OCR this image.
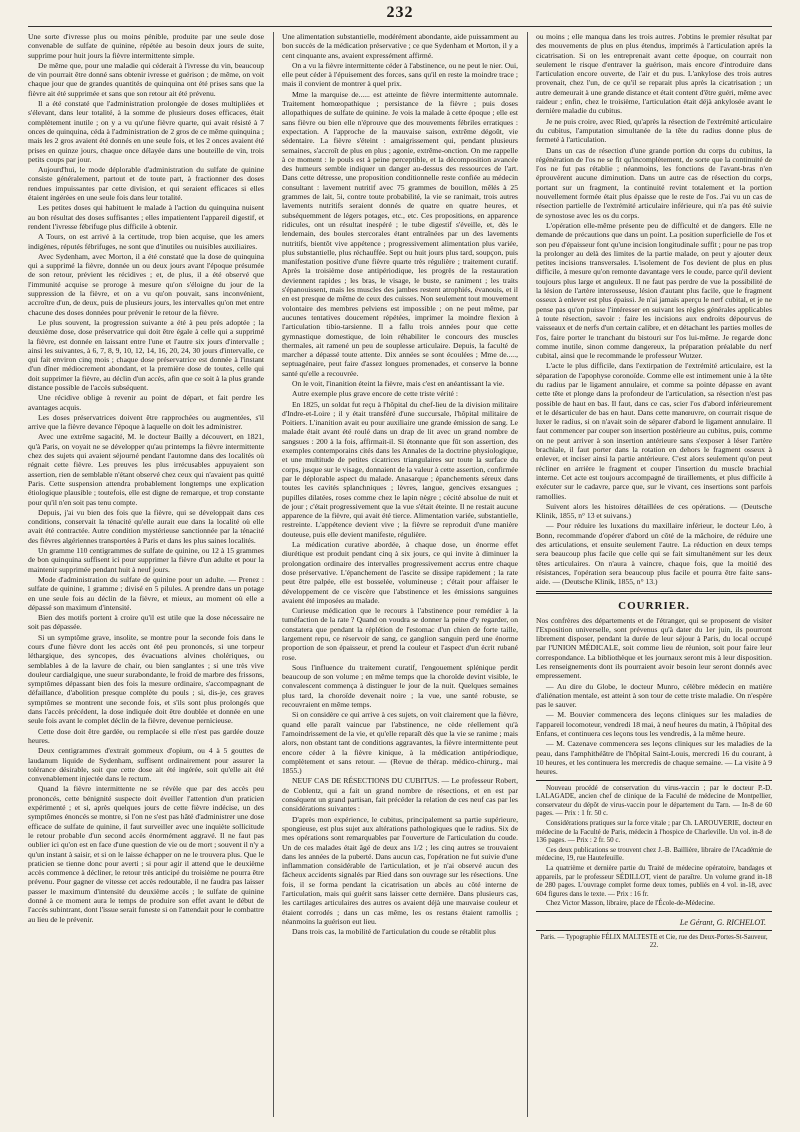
232

Une sorte d'ivresse plus ou moins pénible, produite par une seule dose convenable de sulfate de quinine, répétée au besoin deux jours de suite, supprime pour huit jours la fièvre intermittente simple.

De même que, pour une maladie qui céderait à l'ivresse du vin, beaucoup de vin pourrait être donné sans obtenir ivresse et guérison ; de même, on voit chaque jour que de grandes quantités de quinquina ont été prises sans que la fièvre ait été supprimée et sans que son retour ait été prévenu.

Il a été constaté que l'administration prolongée de doses multipliées et s'élevant, dans leur totalité, à la somme de plusieurs doses efficaces, était complètement inutile ; on y a vu qu'une fièvre quarte, qui avait résisté à 7 onces de quinquina, céda à l'administration de 2 gros de ce même quinquina ; mais les 2 gros avaient été donnés en une seule fois, et les 2 onces avaient été prises en quinze jours, chaque once délayée dans une bouteille de vin, trois petits coups par jour.

Aujourd'hui, le mode déplorable d'administration du sulfate de quinine consiste généralement, partout et de toute part, à fractionner des doses rendues impuissantes par cette division, et qui seraient efficaces si elles étaient ingérées en une seule fois dans leur totalité.

Les petites doses qui habituent le malade à l'action du quinquina nuisent au bon résultat des doses suffisantes ; elles impatientent l'appareil digestif, et rendent l'ivresse fébrifuge plus difficile à obtenir.

A Tours, on est arrivé à la certitude, trop bien acquise, que les amers indigènes, réputés fébrifuges, ne sont que d'inutiles ou nuisibles auxiliaires.

Avec Sydenham, avec Morton, il a été constaté que la dose de quinquina qui a supprimé la fièvre, donnée un ou deux jours avant l'époque présumée de son retour, prévient les récidives ; et, de plus, il a été observé que l'immunité acquise se proroge à mesure qu'on s'éloigne du jour de la suppression de la fièvre, et on a vu qu'on pouvait, sans inconvénient, accroître d'un, de deux, puis de plusieurs jours, les intervalles qu'on met entre chacune des doses données pour prévenir le retour de la fièvre.

Le plus souvent, la progression suivante a été à peu près adoptée ; la deuxième dose, dose préservatrice qui doit être égale à celle qui a supprimé la fièvre, est donnée en laissant entre l'une et l'autre six jours d'intervalle ; ainsi les suivantes, à 6, 7, 8, 9, 10, 12, 14, 16, 20, 24, 30 jours d'intervalle, ce qui fait environ cinq mois ; chaque dose préservatrice est donnée à l'instant d'un dîner médiocrement abondant, et la première dose de toutes, celle qui doit supprimer la fièvre, au déclin d'un accès, afin que ce soit à la plus grande distance possible de l'accès subséquent.

Une récidive oblige à revenir au point de départ, et fait perdre les avantages acquis.

Les doses préservatrices doivent être rapprochées ou augmentées, s'il arrive que la fièvre devance l'époque à laquelle on doit les administrer.

Avec une extrême sagacité, M. le docteur Bailly a découvert, en 1821, qu'à Paris, on voyait ne se développer qu'au printemps la fièvre intermittente chez des sujets qui avaient séjourné pendant l'automne dans des localités où régnait cette fièvre. Les preuves les plus irrécusables appuyaient son assertion, rien de semblable n'étant observé chez ceux qui n'avaient pas quitté Paris. Cette suspension attendra probablement longtemps une explication étiologique plausible ; toutefois, elle est digne de remarque, et trop constante pour qu'il n'en soit pas tenu compte.

Depuis, j'ai vu bien des fois que la fièvre, qui se développait dans ces conditions, conservait la ténacité qu'elle aurait eue dans la localité où elle avait été contractée. Autre condition mystérieuse sanctionnée par la ténacité des fièvres algériennes transportées à Paris et dans les plus saines localités.

Un gramme 110 centigrammes de sulfate de quinine, ou 12 à 15 grammes de bon quinquina suffisent ici pour supprimer la fièvre d'un adulte et pour la maintenir supprimée pendant huit à neuf jours.

Mode d'administration du sulfate de quinine pour un adulte. — Prenez : sulfate de quinine, 1 gramme ; divisé en 5 pilules. A prendre dans un potage en une seule fois au déclin de la fièvre, et mieux, au moment où elle a dépassé son maximum d'intensité.

Bien des motifs portent à croire qu'il est utile que la dose nécessaire ne soit pas dépassée.

Si un symptôme grave, insolite, se montre pour la seconde fois dans le cours d'une fièvre dont les accès ont été peu prononcés, si une torpeur léthargique, des syncopes, des évacuations alvines cholériques, ou semblables à de la lavure de chair, ou bien sanglantes ; si une très vive douleur cardialgique, une sueur surabondante, le froid de marbre des frissons, symptômes dépassant bien des fois la mesure ordinaire, s'accompagnant de défaillance, d'abolition presque complète du pouls ; si, dis-je, ces graves symptômes se montrent une seconde fois, et s'ils sont plus prolongés que dans l'accès précédent, la dose indiquée doit être doublée et donnée en une seule fois avant le complet déclin de la fièvre, devenue pernicieuse.

Cette dose doit être gardée, ou remplacée si elle n'est pas gardée douze heures.

Deux centigrammes d'extrait gommeux d'opium, ou 4 à 5 gouttes de laudanum liquide de Sydenham, suffisent ordinairement pour assurer la tolérance désirable, soit que cette dose ait été ingérée, soit qu'elle ait été convenablement injectée dans le rectum.

Quand la fièvre intermittente ne se révèle que par des accès peu prononcés, cette bénignité suspecte doit éveiller l'attention d'un praticien expérimenté ; et si, après quelques jours de cette fièvre indécise, un des symptômes énoncés se montre, si l'on ne s'est pas hâté d'administrer une dose efficace de sulfate de quinine, il faut surveiller avec une inquiète sollicitude le retour probable d'un second accès énormément aggravé. Il ne faut pas oublier ici qu'on est en face d'une question de vie ou de mort ; souvent il n'y a qu'un instant à saisir, et si on le laisse échapper on ne le trouvera plus. Que le praticien se tienne donc pour averti ; si pour agir il attend que le deuxième accès commence à décliner, le retour très anticipé du troisième ne pourra être prévenu. Pour gagner de vitesse cet accès redoutable, il ne faudra pas laisser passer le maximum d'intensité du deuxième accès ; le sulfate de quinine donné à ce moment aura le temps de produire son effet avant le début de l'accès subintrant, dont l'issue serait funeste si on l'attendait pour le combattre au lieu de le prévenir.

Une alimentation substantielle, modérément abondante, aide puissamment au bon succès de la médication préservative ; ce que Sydenham et Morton, il y a cent cinquante ans, avaient expressément affirmé.

On a vu la fièvre intermittente céder à l'abstinence, ou ne peut le nier. Oui, elle peut céder à l'épuisement des forces, sans qu'il en reste la moindre trace ; mais il convient de montrer à quel prix.

Mme la marquise de...... est atteinte de fièvre intermittente automnale. Traitement homœopathique ; persistance de la fièvre ; puis doses allopathiques de sulfate de quinine. Je vois la malade à cette époque ; elle est sans fièvre ou bien elle n'éprouve que des mouvements fébriles erratiques : expectation. A l'approche de la mauvaise saison, extrême dégoût, vie sédentaire. La fièvre s'éteint : amaigrissement qui, pendant plusieurs semaines, s'accroît de plus en plus ; agonie, extrême-onction. On me rappelle à ce moment : le pouls est à peine perceptible, et la décomposition avancée des humeurs semble indiquer un danger au-dessus des ressources de l'art. Dans cette détresse, une proposition conditionnelle reste confiée au médecin consultant : lavement nutritif avec 75 grammes de bouillon, mêlés à 25 grammes de lait, 5i, contre toute probabilité, la vie se ranimait, trois autres lavements nutritifs seraient donnés de quatre en quatre heures, et subséquemment de légers potages, etc., etc. Ces propositions, en apparence ridicules, ont un résultat inespéré ; le tube digestif s'éveille, et, dès le lendemain, des boules stercorales étant entraînées par un des lavements nutritifs, bientôt vive appétence ; progressivement alimentation plus variée, plus substantielle, plus réchauffée. Sept ou huit jours plus tard, soupçon, puis manifestation positive d'une fièvre quarte très régulière ; traitement curatif. Après la troisième dose antipériodique, les progrès de la restauration deviennent rapides ; les bras, le visage, le buste, se raniment ; les traits s'épanouissent, mais les muscles des jambes restent atrophiés, évanouis, et il en est presque de même de ceux des cuisses. Non seulement tout mouvement volontaire des membres pelviens est impossible ; on ne peut même, par aucunes tentatives doucement répétées, imprimer la moindre flexion à l'articulation tibio-tarsienne. Il a fallu trois années pour que cette gymnastique domestique, de loin réhabiliter le concours des muscles thermales, ait ramené un peu de souplesse articulaire. Depuis, la faculté de marcher a dépassé toute attente. Dix années se sont écoulées ; Mme de....., septuagénaire, peut faire d'assez longues promenades, et conserve la bonne santé qu'elle a recouvrée.

On le voit, l'inanition éteint la fièvre, mais c'est en anéantissant la vie.

Autre exemple plus grave encore de cette triste vérité :

En 1825, un soldat fut reçu à l'hôpital du chef-lieu de la division militaire d'Indre-et-Loire ; il y était transféré d'une succursale, l'hôpital militaire de Poitiers. L'inanition avait eu pour auxiliaire une grande émission de sang. Le malade était avant été roulé dans un drap de lit avec un grand nombre de sangsues : 200 à la fois, affirmait-il. Si étonnante que fût son assertion, des exemples contemporains cités dans les Annales de la doctrine physiologique, et une multitude de petites cicatrices triangulaires sur toute la surface du corps, jusque sur le visage, donnaient de la valeur à cette assertion, confirmée par le déplorable aspect du malade. Anasarque ; épanchements séreux dans toutes les cavités splanchniques ; lèvres, langue, gencives exsangues ; pupilles dilatées, roses comme chez le lapin nègre ; cécité absolue de nuit et de jour ; c'était progressivement que la vue s'était éteinte. Il ne restait aucune apparence de la fièvre, qui avait été tierce. Alimentation variée, substantielle, restreinte. L'appétence devient vive ; la fièvre se reproduit d'une manière douteuse, puis elle devient manifeste, régulière.

La médication curative abordée, à chaque dose, un énorme effet diurétique est produit pendant cinq à six jours, ce qui invite à diminuer la prolongation ordinaire des intervalles progressivement accrus entre chaque dose préservative. L'épanchement de l'ascite se dissipe rapidement ; la rate peut être palpée, elle est bosselée, volumineuse ; c'était pour affaiser le développement de ce viscère que l'abstinence et les émissions sanguines avaient été imposées au malade.

Curieuse médication que le recours à l'abstinence pour remédier à la tuméfaction de la rate ? Quand on voudra se donner la peine d'y regarder, on constatera que pendant la réplétion de l'estomac d'un chien de forte taille, largement repu, ce réservoir de sang, ce ganglion sanguin perd une énorme proportion de son épaisseur, et prend la couleur et l'aspect d'un écrit rubané rose.

Sous l'influence du traitement curatif, l'engouement splénique perdit beaucoup de son volume ; en même temps que la choroïde devint visible, le convalescent commença à distinguer le jour de la nuit. Quelques semaines plus tard, la choroïde devenait noire ; la vue, une santé robuste, se recouvraient en même temps.

Si on considère ce qui arrive à ces sujets, on voit clairement que la fièvre, quand elle paraît vaincue par l'abstinence, ne cède réellement qu'à l'amoindrissement de la vie, et qu'elle reparaît dès que la vie se ranime ; mais alors, non obstant tant de conditions aggravantes, la fièvre intermittente peut encore céder à la fièvre kinique, à la médication antipériodique, complètement et sans retour. — (Revue de thérap. médico-chirurg., mai 1855.)

NEUF CAS DE RÉSECTIONS DU CUBITUS. — Le professeur Robert, de Coblentz, qui a fait un grand nombre de résections, et en est par conséquent un grand partisan, fait précéder la relation de ces neuf cas par les considérations suivantes :

D'après mon expérience, le cubitus, principalement sa partie supérieure, spongieuse, est plus sujet aux altérations pathologiques que le radius. Six de mes opérations sont remarquables par l'ouverture de l'articulation du coude. Un de ces malades était âgé de deux ans 1/2 ; les cinq autres se trouvaient dans les années de la puberté. Dans aucun cas, l'opération ne fut suivie d'une inflammation considérable de l'articulation, et je n'ai observé aucun des fâcheux accidents signalés par Ried dans son ouvrage sur les résections. Une fois, il se forma pendant la cicatrisation un abcès au côté interne de l'articulation, mais qui guérit sans laisser cette dernière. Dans plusieurs cas, les cartilages articulaires des autres os avaient déjà une mauvaise couleur et étaient corrodés ; dans un cas même, les os restans étaient ramollis ; néanmoins la guérison eut lieu.

Dans trois cas, la mobilité de l'articulation du coude se rétablit plus

ou moins ; elle manqua dans les trois autres. J'obtins le premier résultat par des mouvements de plus en plus étendus, imprimés à l'articulation après la cicatrisation. Si on les entreprenait avant cette époque, on courrait non seulement le risque d'entraver la guérison, mais encore d'introduire dans l'articulation encore ouverte, de l'air et du pus. L'ankylose des trois autres provenait, chez l'un, de ce qu'il se reparait plus après la cicatrisation ; un autre demeurait à une grande distance et était content d'être guéri, même avec raideur ; enfin, chez le troisième, l'articulation était déjà ankylosée avant le dernière maladie du cubitus.

Je ne puis croire, avec Ried, qu'après la résection de l'extrémité articulaire du cubitus, l'amputation simultanée de la tête du radius donne plus de fermeté à l'articulation.

Dans un cas de résection d'une grande portion du corps du cubitus, la régénération de l'os ne se fit qu'incomplètement, de sorte que la continuité de l'os ne fut pas rétablie ; néanmoins, les fonctions de l'avant-bras n'en éprouvèrent aucune diminution. Dans un autre cas de résection du corps, portant sur un fragment, la continuité revint totalement et la portion nouvellement formée était plus épaisse que le reste de l'os. J'ai vu un cas de résection partielle de l'extrémité articulaire inférieure, qui n'a pas été suivie de synostose avec les os du corps.

L'opération elle-même présente peu de difficulté et de dangers. Elle ne demande de précautions que dans un point. La position superficielle de l'os et son peu d'épaisseur font qu'une incision longitudinale suffit ; pour ne pas trop la prolonger au delà des limites de la partie malade, on peut y ajouter deux petites incisions transversales. L'isolement de l'os devient de plus en plus difficile, à mesure qu'on remonte davantage vers le coude, parce qu'il devient toujours plus large et anguleux. Il ne faut pas perdre de vue la possibilité de la lésion de l'artère interosseuse, lésion d'autant plus facile, que le fragment osseux à enlever est plus épaissi. Je n'ai jamais aperçu le nerf cubital, et je ne pense pas qu'on puisse l'intéresser en suivant les règles générales applicables à toute résection, savoir : faire les incisions aux endroits dépourvus de vaisseaux et de nerfs d'un certain calibre, et en détachant les parties molles de l'os, faire porter le tranchant du bistouri sur l'os lui-même. Je regarde donc comme inutile, sinon comme dangereux, la préparation préalable du nerf cubital, ainsi que le recommande le professeur Wutzer.

L'acte le plus difficile, dans l'extirpation de l'extrémité articulaire, est la séparation de l'apophyse coronoïde. Comme elle est intimement unie à la tête du radius par le ligament annulaire, et comme sa pointe dépasse en avant cette tête et plonge dans la profondeur de l'articulation, sa résection n'est pas possible de haut en bas. Il faut, dans ce cas, scier l'os d'abord inférieurement et le désarticuler de bas en haut. Dans cette manœuvre, on courrait risque de luxer le radius, si on n'avait soin de séparer d'abord le ligament annulaire. Il faut commencer par couper son insertion postérieure au cubitus, puis, comme on ne peut arriver à son insertion antérieure sans s'exposer à léser l'artère brachiale, il faut porter dans la rotation en dehors le fragment osseux à enlever, et inciser ainsi la partie antérieure. C'est alors seulement qu'on peut récliner en arrière le fragment et couper l'insertion du muscle brachial interne. Cet acte est toujours accompagné de tiraillements, et plus difficile à exécuter sur le cadavre, parce que, sur le vivant, ces insertions sont parfois ramollies.

Suivent alors les histoires détaillées de ces opérations. — (Deutsche Klinik, 1855, n° 13 et suivans.)

— Pour réduire les luxations du maxillaire inférieur, le docteur Léo, à Bonn, recommande d'opérer d'abord un côté de la mâchoire, de réduire une des articulations, et ensuite seulement l'autre. La réduction en deux temps sera beaucoup plus facile que celle qui se fait simultanément sur les deux têtes articulaires. On n'aura à vaincre, chaque fois, que la moitié des résistances, l'opération sera beaucoup plus facile et pourra être faite sans-aide. — (Deutsche Klinik, 1855, n° 13.)

COURRIER.

Nos confrères des départements et de l'étranger, qui se proposent de visiter l'Exposition universelle, sont prévenus qu'à dater du 1er juin, ils pourront librement disposer, pendant la durée de leur séjour à Paris, du local occupé par l'UNION MÉDICALE, soit comme lieu de réunion, soit pour faire leur correspondance. La bibliothèque et les journaux seront mis à leur disposition. Les renseignements dont ils pourraient avoir besoin leur seront donnés avec empressement.

— Au dire du Globe, le docteur Munro, célèbre médecin en matière d'aliénation mentale, est atteint à son tour de cette triste maladie. On n'espère pas le sauver.

— M. Bouvier commencera des leçons cliniques sur les maladies de l'appareil locomoteur, vendredi 18 mai, à neuf heures du matin, à l'hôpital des Enfans, et continuera ces leçons tous les vendredis, à la même heure.

— M. Cazenave commencera ses leçons cliniques sur les maladies de la peau, dans l'amphithéâtre de l'hôpital Saint-Louis, mercredi 16 du courant, à 10 heures, et les continuera les mercredis de chaque semaine. — La visite à 9 heures.

Nouveau procédé de conservation du virus-vaccin ; par le docteur P.-D. LALAGADE, ancien chef de clinique de la Faculté de médecine de Montpellier, conservateur du dépôt de virus-vaccin pour le département du Tarn. — In-8 de 60 pages. — Prix : 1 fr. 50 c.

Considérations pratiques sur la force vitale ; par Ch. LAROUVERIE, docteur en médecine de la Faculté de Paris, médecin à l'hospice de Charleville. Un vol. in-8 de 136 pages. — Prix : 2 fr. 50 c.

Ces deux publications se trouvent chez J.-B. Baillière, libraire de l'Académie de médecine, 19, rue Hautefeuille.

La quatrième et dernière partie du Traité de médecine opératoire, bandages et appareils, par le professeur SÉDILLOT, vient de paraître. Un volume grand in-18 de 280 pages. L'ouvrage complet forme deux tomes, publiés en 4 vol. in-18, avec 604 figures dans le texte. — Prix : 16 fr.

Chez Victor Masson, libraire, place de l'École-de-Médecine.

Le Gérant, G. RICHELOT.
Paris. — Typographie FÉLIX MALTESTE et Cie, rue des Deux-Portes-St-Sauveur, 22.
